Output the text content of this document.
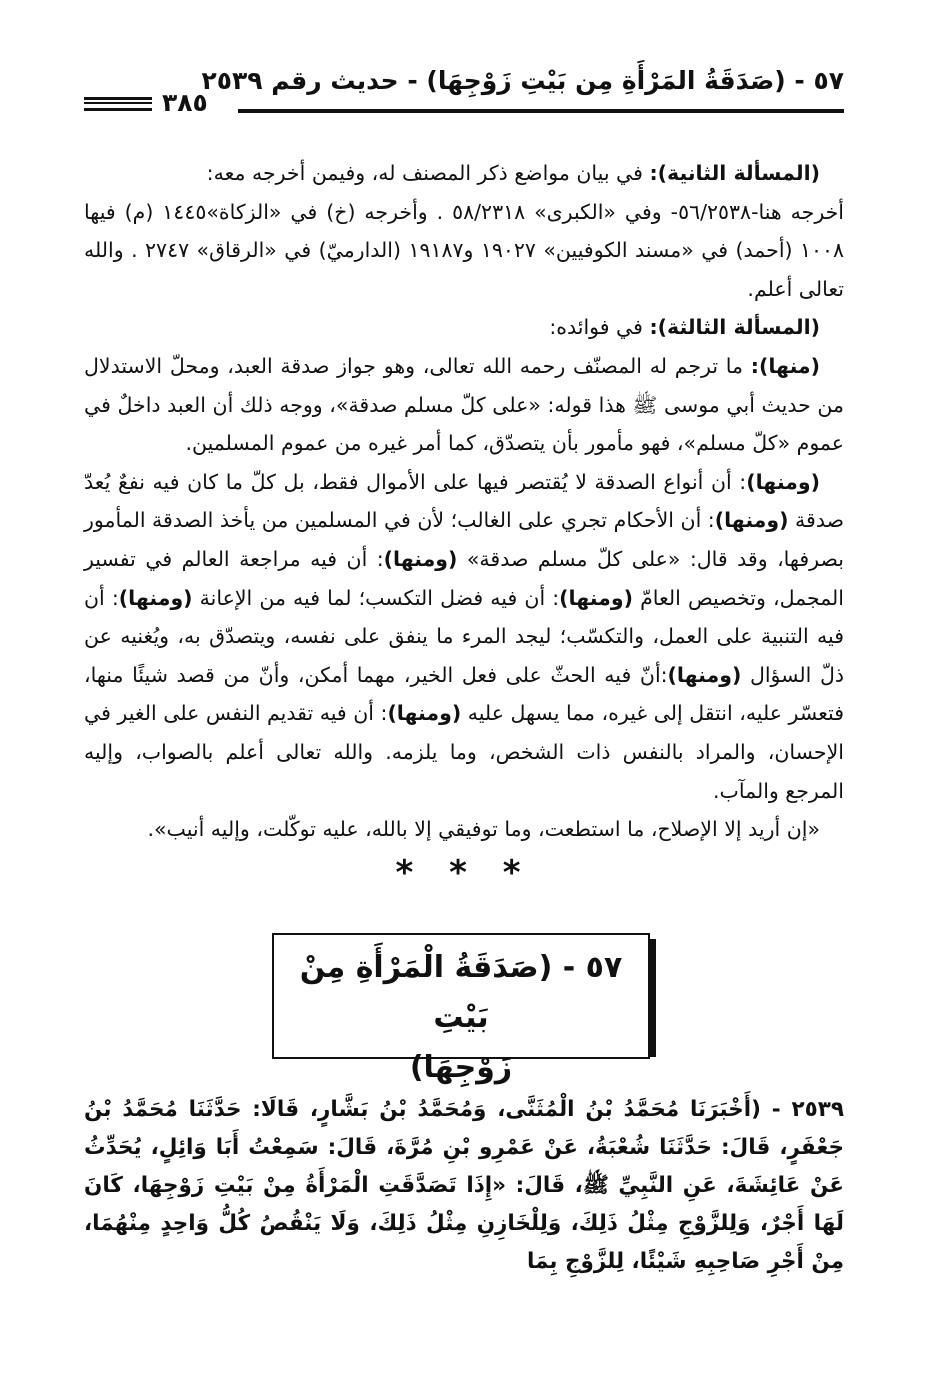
٥٧ - (صَدَقَةُ المَرْأَةِ مِن بَيْتِ زَوْجِهَا) - حديث رقم ٢٥٣٩
٣٨٥

(المسألة الثانية): في بيان مواضع ذكر المصنف له، وفيمن أخرجه معه:

أخرجه هنا-٥٦/٢٥٣٨- وفي «الكبرى» ٥٨/٢٣١٨ . وأخرجه (خ) في «الزكاة»١٤٤٥ (م) فيها ١٠٠٨ (أحمد) في «مسند الكوفيين» ١٩٠٢٧ و١٩١٨٧ (الدارميّ) في «الرقاق» ٢٧٤٧ . والله تعالى أعلم.

(المسألة الثالثة): في فوائده:

(منها): ما ترجم له المصنّف رحمه الله تعالى، وهو جواز صدقة العبد، ومحلّ الاستدلال من حديث أبي موسى ﷺ هذا قوله: «على كلّ مسلم صدقة»، ووجه ذلك أن العبد داخلٌ في عموم «كلّ مسلم»، فهو مأمور بأن يتصدّق، كما أمر غيره من عموم المسلمين.

(ومنها): أن أنواع الصدقة لا يُقتصر فيها على الأموال فقط، بل كلّ ما كان فيه نفعٌ يُعدّ صدقة (ومنها): أن الأحكام تجري على الغالب؛ لأن في المسلمين من يأخذ الصدقة المأمور بصرفها، وقد قال: «على كلّ مسلم صدقة» (ومنها): أن فيه مراجعة العالم في تفسير المجمل، وتخصيص العامّ (ومنها): أن فيه فضل التكسب؛ لما فيه من الإعانة (ومنها): أن فيه التنبية على العمل، والتكسّب؛ ليجد المرء ما ينفق على نفسه، ويتصدّق به، ويُغنيه عن ذلّ السؤال (ومنها):أنّ فيه الحثّ على فعل الخير، مهما أمكن، وأنّ من قصد شيئًا منها، فتعسّر عليه، انتقل إلى غيره، مما يسهل عليه (ومنها): أن فيه تقديم النفس على الغير في الإحسان، والمراد بالنفس ذات الشخص، وما يلزمه. والله تعالى أعلم بالصواب، وإليه المرجع والمآب.

«إن أريد إلا الإصلاح، ما استطعت، وما توفيقي إلا بالله، عليه توكّلت، وإليه أنيب».

* * *
٥٧ - (صَدَقَةُ الْمَرْأَةِ مِنْ بَيْتِ
زَوْجِهَا)

٢٥٣٩ - (أَخْبَرَنَا مُحَمَّدُ بْنُ الْمُثَنَّى، وَمُحَمَّدُ بْنُ بَشَّارٍ، قَالَا: حَدَّثَنَا مُحَمَّدُ بْنُ جَعْفَرٍ، قَالَ: حَدَّثَنَا شُعْبَةُ، عَنْ عَمْرِو بْنِ مُرَّةَ، قَالَ: سَمِعْتُ أَبَا وَائِلٍ، يُحَدِّثُ عَنْ عَائِشَةَ، عَنِ النَّبِيِّ ﷺ، قَالَ: «إِذَا تَصَدَّقَتِ الْمَرْأَةُ مِنْ بَيْتِ زَوْجِهَا، كَانَ لَهَا أَجْرٌ، وَلِلزَّوْجِ مِثْلُ ذَلِكَ، وَلِلْخَازِنِ مِثْلُ ذَلِكَ، وَلَا يَنْقُصُ كُلُّ وَاحِدٍ مِنْهُمَا، مِنْ أَجْرِ صَاحِبِهِ شَيْئًا، لِلزَّوْجِ بِمَا
